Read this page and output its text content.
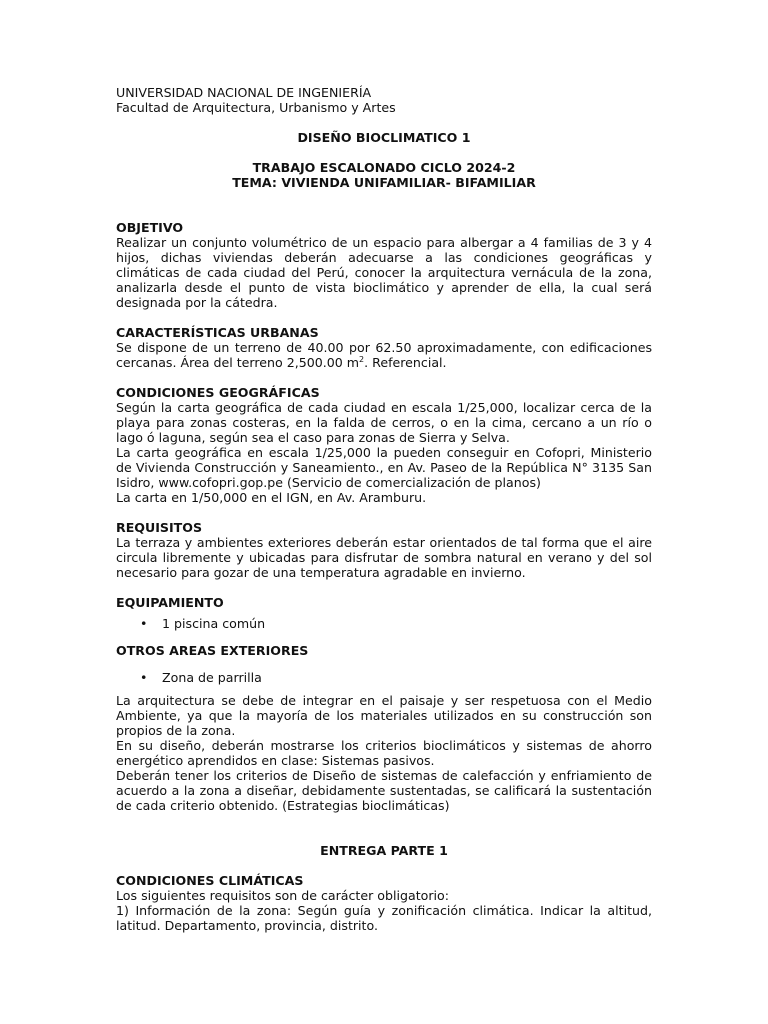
UNIVERSIDAD NACIONAL DE INGENIERÍA

Facultad de Arquitectura, Urbanismo y Artes

DISEÑO BIOCLIMATICO 1
TRABAJO ESCALONADO CICLO 2024-2
TEMA: VIVIENDA UNIFAMILIAR- BIFAMILIAR
OBJETIVO

Realizar un conjunto volumétrico de un espacio para albergar a 4 familias de 3 y 4 hijos, dichas viviendas deberán adecuarse a las condiciones geográficas y climáticas de cada ciudad del Perú, conocer la arquitectura vernácula de la zona, analizarla desde el punto de vista bioclimático y aprender de ella, la cual será designada por la cátedra.

CARACTERÍSTICAS URBANAS

Se dispone de un terreno de 40.00 por 62.50 aproximadamente, con edificaciones cercanas. Área del terreno 2,500.00 $m^2$. Referencial.

CONDICIONES GEOGRÁFICAS

Según la carta geográfica de cada ciudad en escala 1/25,000, localizar cerca de la playa para zonas costeras, en la falda de cerros, o en la cima, cercano a un río o lago ó laguna, según sea el caso para zonas de Sierra y Selva.

La carta geográfica en escala 1/25,000 la pueden conseguir en Cofopri, Ministerio de Vivienda Construcción y Saneamiento., en Av. Paseo de la República N° 3135 San Isidro, www.cofopri.gop.pe (Servicio de comercialización de planos)

La carta en 1/50,000 en el IGN, en Av. Aramburu.

REQUISITOS

La terraza y ambientes exteriores deberán estar orientados de tal forma que el aire circula libremente y ubicadas para disfrutar de sombra natural en verano y del sol necesario para gozar de una temperatura agradable en invierno.

EQUIPAMIENTO
• 1 piscina común
OTROS AREAS EXTERIORES
• Zona de parrilla

La arquitectura se debe de integrar en el paisaje y ser respetuosa con el Medio Ambiente, ya que la mayoría de los materiales utilizados en su construcción son propios de la zona.

En su diseño, deberán mostrarse los criterios bioclimáticos y sistemas de ahorro energético aprendidos en clase: Sistemas pasivos.

Deberán tener los criterios de Diseño de sistemas de calefacción y enfriamiento de acuerdo a la zona a diseñar, debidamente sustentadas, se calificará la sustentación de cada criterio obtenido. (Estrategias bioclimáticas)

ENTREGA PARTE 1
CONDICIONES CLIMÁTICAS

Los siguientes requisitos son de carácter obligatorio:

1) Información de la zona: Según guía y zonificación climática. Indicar la altitud, latitud. Departamento, provincia, distrito.
